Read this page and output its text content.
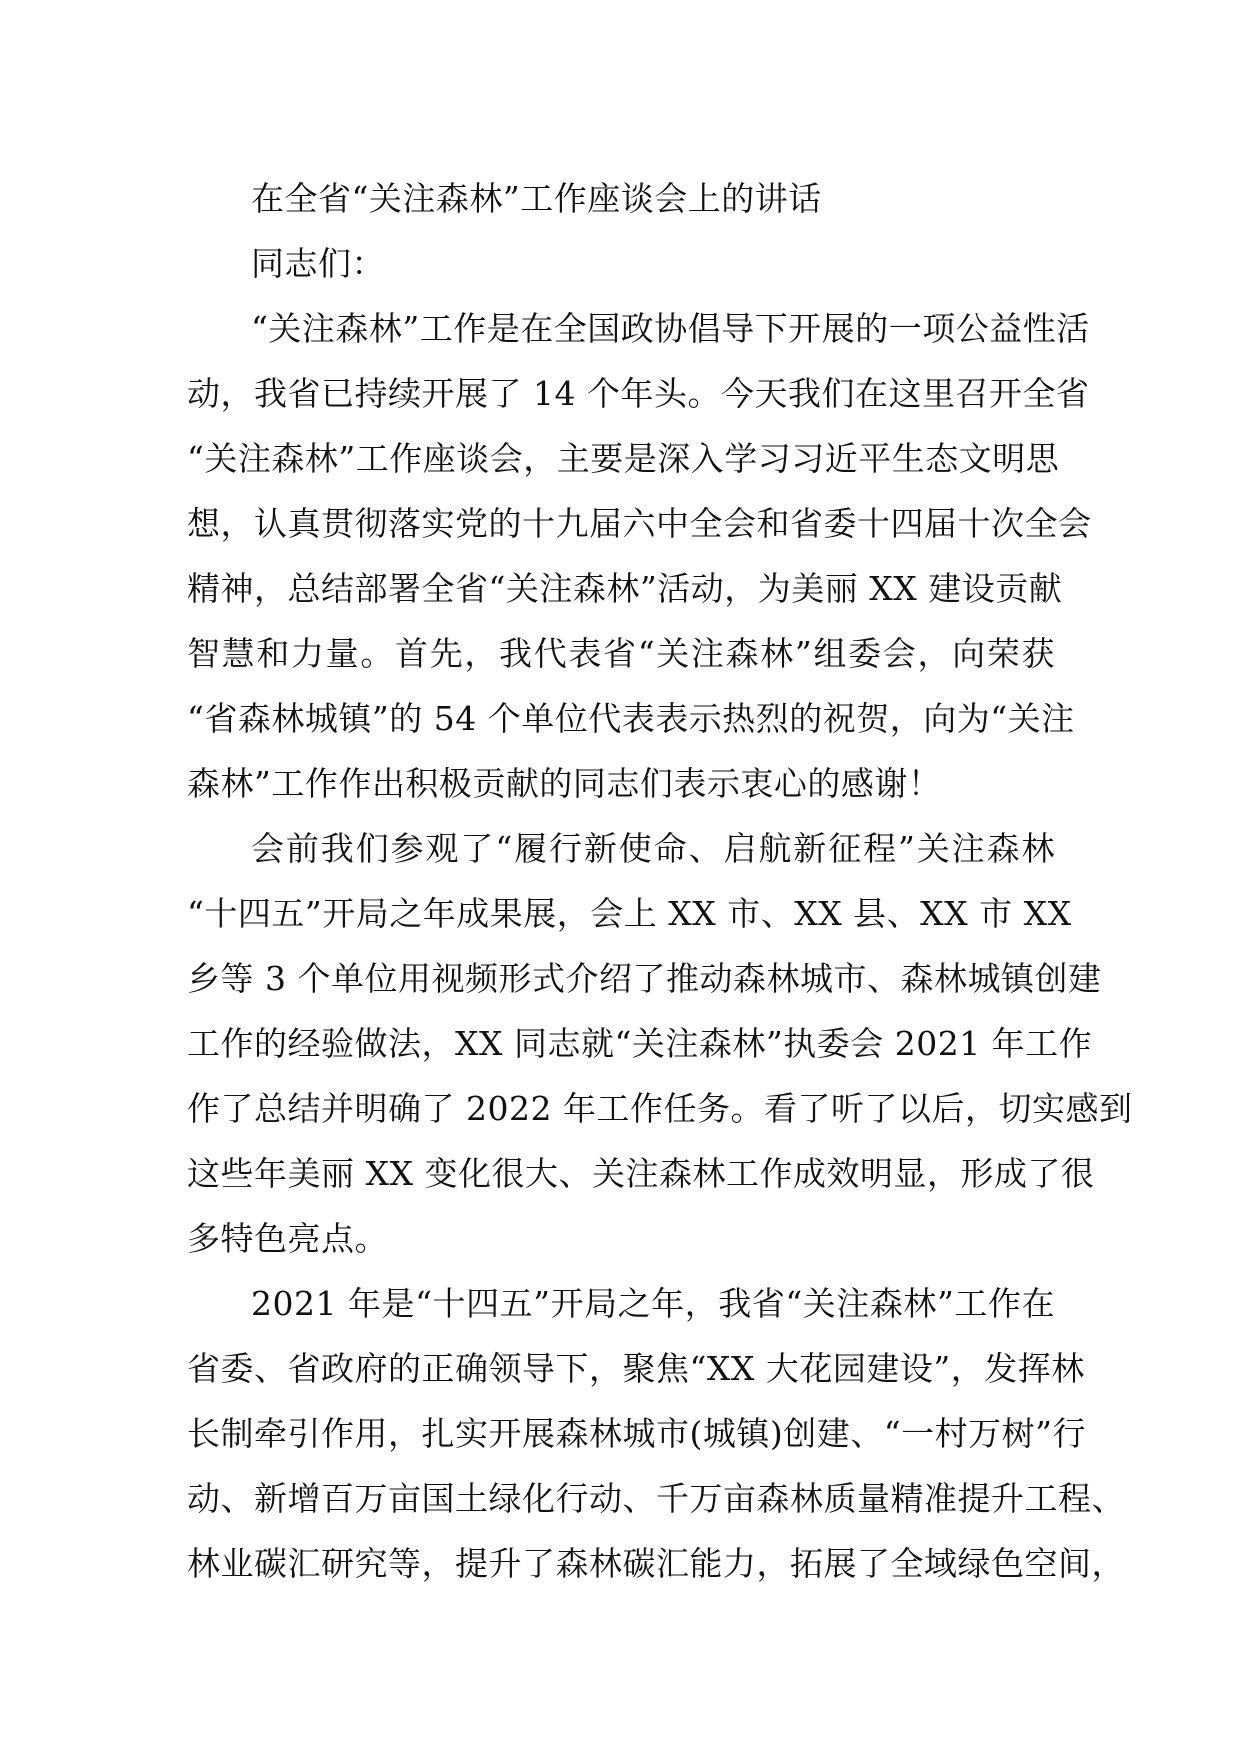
在全省“关注森林”工作座谈会上的讲话
同志们：
“关注森林”工作是在全国政协倡导下开展的一项公益性活
动，我省已持续开展了 14 个年头。今天我们在这里召开全省
“关注森林”工作座谈会，主要是深入学习习近平生态文明思
想，认真贯彻落实党的十九届六中全会和省委十四届十次全会
精神，总结部署全省“关注森林”活动，为美丽 XX 建设贡献
智慧和力量。首先，我代表省“关注森林”组委会，向荣获
“省森林城镇”的 54 个单位代表表示热烈的祝贺，向为“关注
森林”工作作出积极贡献的同志们表示衷心的感谢！
会前我们参观了“履行新使命、启航新征程”关注森林
“十四五”开局之年成果展，会上 XX 市、XX 县、XX 市 XX
乡等 3 个单位用视频形式介绍了推动森林城市、森林城镇创建
工作的经验做法，XX 同志就“关注森林”执委会 2021 年工作
作了总结并明确了 2022 年工作任务。看了听了以后，切实感到
这些年美丽 XX 变化很大、关注森林工作成效明显，形成了很
多特色亮点。
2021 年是“十四五”开局之年，我省“关注森林”工作在
省委、省政府的正确领导下，聚焦“XX 大花园建设”，发挥林
长制牵引作用，扎实开展森林城市(城镇)创建、“一村万树”行
动、新增百万亩国土绿化行动、千万亩森林质量精准提升工程、
林业碳汇研究等，提升了森林碳汇能力，拓展了全域绿色空间，
